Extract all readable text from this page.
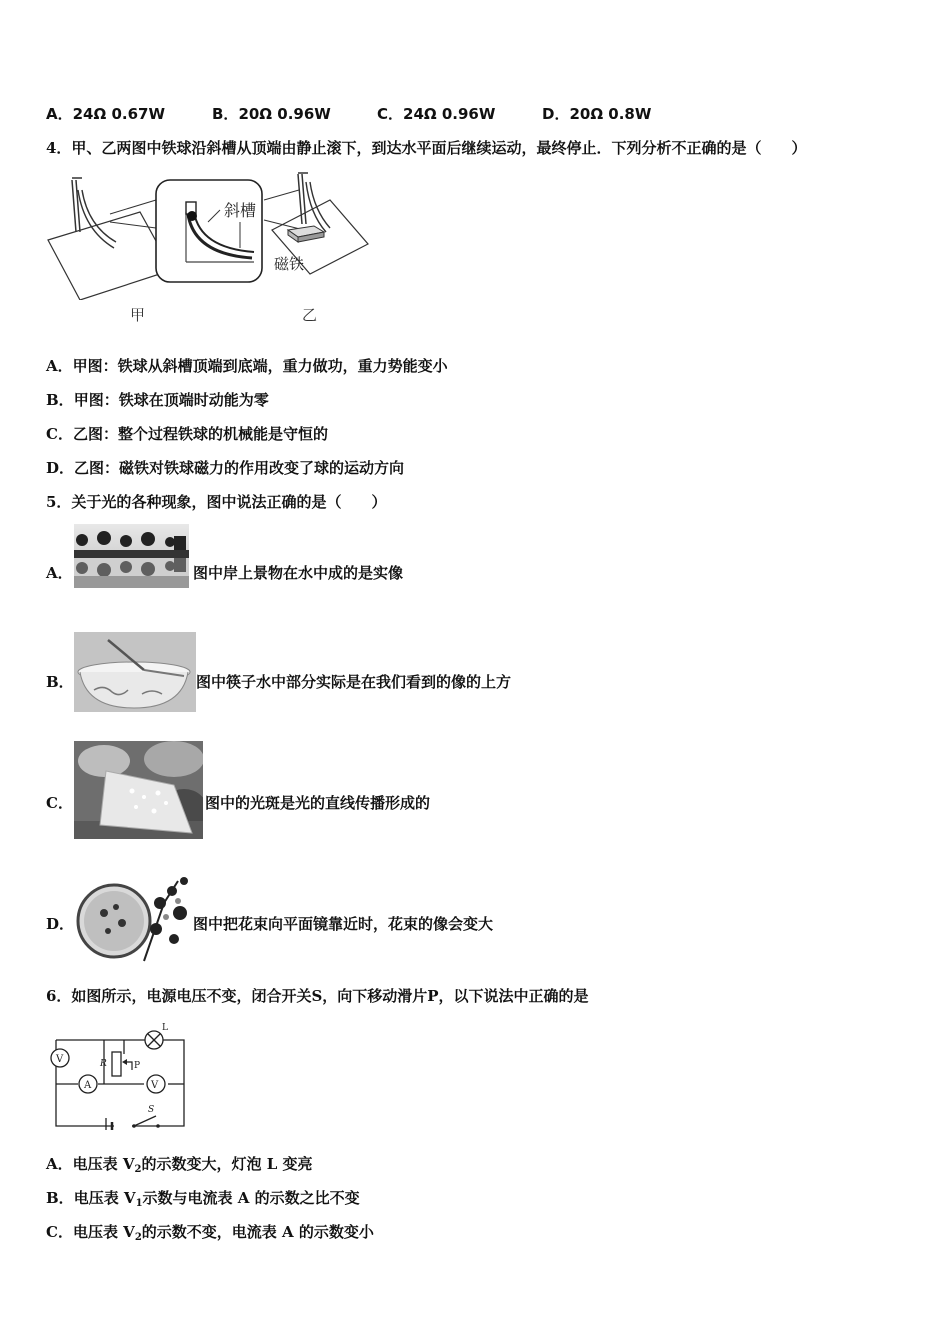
A．24Ω 0.67W	B．20Ω 0.96W	C．24Ω 0.96W	D．20Ω 0.8W
4．甲、乙两图中铁球沿斜槽从顶端由静止滚下，到达水平面后继续运动，最终停止．下列分析不正确的是（　　）
斜槽
磁铁
甲	乙
A．甲图：铁球从斜槽顶端到底端，重力做功，重力势能变小
B．甲图：铁球在顶端时动能为零
C．乙图：整个过程铁球的机械能是守恒的
D．乙图：磁铁对铁球磁力的作用改变了球的运动方向
5．关于光的各种现象，图中说法正确的是（　　）
A．	图中岸上景物在水中成的是实像
B．	图中筷子水中部分实际是在我们看到的像的上方
C．	图中的光斑是光的直线传播形成的
D．	图中把花束向平面镜靠近时，花束的像会变大
6．如图所示，电源电压不变，闭合开关S，向下移动滑片P，以下说法中正确的是
L
V	R	P
A	V
S
A．电压表 $V_2$的示数变大，灯泡 L 变亮
B．电压表 $V_1$示数与电流表 A 的示数之比不变
C．电压表 $V_2$的示数不变，电流表 A 的示数变小
